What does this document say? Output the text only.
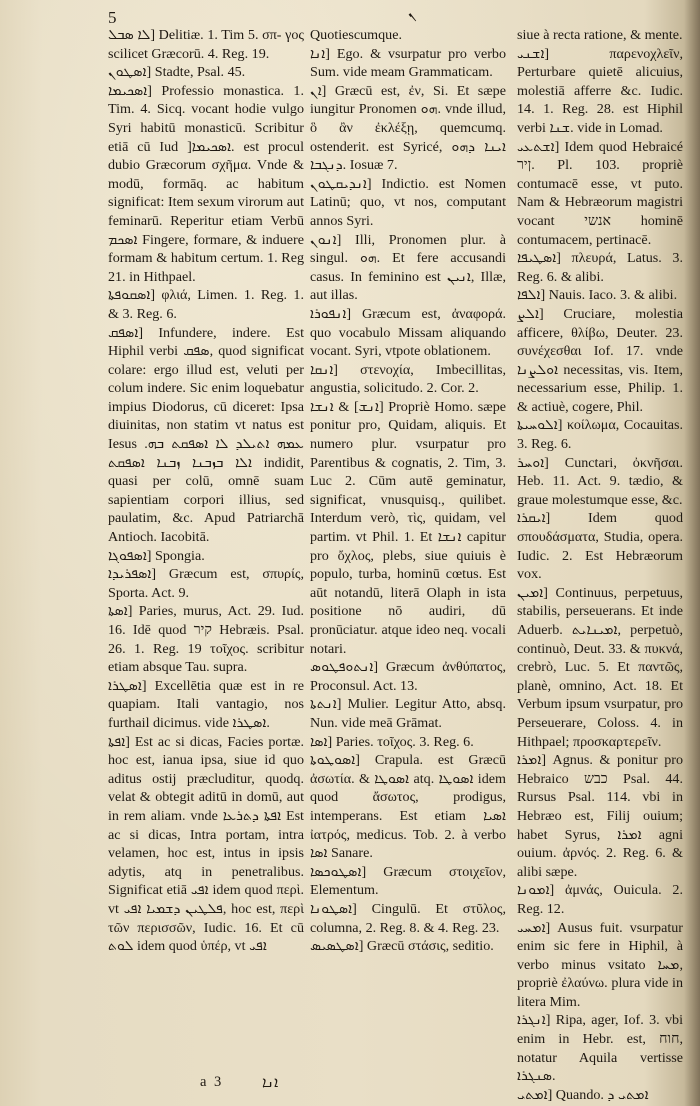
5	ܢ

ܠܐ ܣܒܠ] Delitiæ. 1. Tim 5. σπ- γος scilicet Græcorū. 4. Reg. 19.

ܐܣܛܘܢ] Stadte, Psal. 45.

ܐܣܟܝܡܐ] Professio monastica. 1. Tim. 4. Sicq. vocant hodie vulgo Syri habitū monasticū. Scribitur etiā cū Iud ]ܐܣܟܝܡܐ. est procul dubio Græcorum σχῆμα. Vnde & modū, formāq. ac habitum significat: Item sexum virorum aut feminarū. Reperitur etiam Verbū ܐܣܟܡ Fingere, formare, & induere formam & habitum certum. 1. Reg 21. in Hithpael.

ܐܣܩܘܦܬܐ] φλιά, Limen. 1. Reg. 1. & 3. Reg. 6.

ܐܣܦܩ] Infundere, indere. Est Hiphil verbi ܣܦܩ, quod significat colare: ergo illud est, veluti per colum indere. Sic enim loquebatur impius Diodorus, cū diceret: Ipsa diuinitas, non statim vt natus est Iesus ܥܡܗ ܐܬܝܠܕ ܠܐ ܐܣܦܩܬ ܒܗ. ܐܠܐ ܒܙܒܢܐ ܙܒܢܐ ܐܣܦܩܬ indidit, quasi per colū, omnē suam sapientiam corpori illius, sed paulatim, &c. Apud Patriarchā Antioch. Iacobitā.

ܐܣܦܘܓܐ] Spongia.

ܐܣܦܪܝܕܐ] Græcum est, σπυρίς, Sporta. Act. 9.

ܐܣܬܐ] Paries, murus, Act. 29. Iud. 16. Idē quod קיר Hebræis. Psal. 26. 1. Reg. 19 τοῖχος. scribitur etiam absque Tau. supra.

ܐܣܛܪܐ] Excellētia quæ est in re quapiam. Itali vantagio, nos furthail dicimus. vide ܐܣܛܪܐ.

ܐܦܬܐ] Est ac si dicas, Facies portæ. hoc est, ianua ipsa, siue id quo aditus ostij præcluditur, quodq. velat & obtegit aditū in domū, aut in rem aliam. vnde ܐܦܬܐ ܕܬܪܥܐ Est ac si dicas, Intra portam, intra velamen, hoc est, intus in ipsis adytis, atq in penetralibus. Significat etiā ܐܦܝ idem quod περὶ. vt ܦܠܛܝܢ ܕܫܡܝܐ ܐܦܝ, hoc est, περὶ τῶν περισσῶν, Iudic. 16. Et cū ܠܘܬ idem quod ὑπέρ, vt ܐܦܝ

Quotiescumque.

ܐܢܐ] Ego. & vsurpatur pro verbo Sum. vide meam Grammaticam.

ܐܢ] Græcū est, ἐν, Si. Et sæpe iungitur Pronomen ܗܘ. vnde illud, ὃ ἂν ἐκλέξῃ, quemcumq. ostenderit. est Syricé, ܐܝܢܐ ܕܗܘ ܕܢܓܒܐ. Iosuæ 7.

ܐܢܕܝܩܛܘܢ] Indictio. est Nomen Latinū; quo, vt nos, computant annos Syri.

ܐܢܘܢ] Illi, Pronomen plur. à singul. ܗܘ. Et fere accusandi casus. In feminino est ܐܢܝܢ, Illæ, aut illas.

ܐܢܦܘܪܐ] Græcum est, ἀναφορά. quo vocabulo Missam aliquando vocant. Syri, vtpote oblationem.

ܐܢܩܐ] στενοχία, Imbecillitas, angustia, solicitudo. 2. Cor. 2.

ܐܢܫ] & ܐܢܫܐ] Propriè Homo. sæpe ponitur pro, Quidam, aliquis. Et numero plur. vsurpatur pro Parentibus & cognatis, 2. Tim, 3. Luc 2. Cūm autē geminatur, significat, vnusquisq., quilibet. Interdum verò, τὶς, quidam, vel partim. vt Phil. 1. Et ܐܢܫܐ capitur pro ὄχλος, plebs, siue quiuis è populo, turba, hominū cœtus. Est aūt notandū, literā Olaph in ista positione nō audiri, dū pronūciatur. atque ideo neq. vocali notari.

ܐܢܬܘܦܛܘܣ] Græcum ἀνθύπατος, Proconsul. Act. 13.

ܐܢܬܬܐ] Mulier. Legitur Atto, absq. Nun. vide meā Grāmat.

ܐܣܐ] Paries. τοῖχος. 3. Reg. 6.

ܐܣܘܛܘܬܐ] Crapula. est Græcū ἀσωτία. & ܐܣܘܛܐ atq. ܐܣܘܛܐ idem quod ἄσωτος, prodigus, intemperans. Est etiam ܐܣܝܐ ἰατρός, medicus. Tob. 2. à verbo ܐܣܐ Sanare.

ܐܣܛܘܟܣܐ] Græcum στοιχεῖον, Elementum.

ܐܣܛܘܢܐ] Cingulū. Et στῦλος, columna, 2. Reg. 8. & 4. Reg. 23.

ܐܣܛܣܝܣ] Græcū στάσις, seditio.

siue à recta ratione, & mente.

ܐܫܢܝ] παρενοχλεῖν, Perturbare quietē alicuius, molestiā afferre &c. Iudic. 14. 1. Reg. 28. est Hiphil verbi ܫܢܐ. vide in Lomad.

ܐܫܬܥܝ] Idem quod Hebraicé ןיר. Pl. 103. propriè contumacē esse, vt puto. Nam & Hebræorum magistri vocant אנשי hominē contumacem, pertinacē.

ܐܣܛܝܦܐ] πλευρά, Latus. 3. Reg. 6. & alibi.

ܐܠܦܐ] Nauis. Iaco. 3. & alibi.

ܐܠܨ] Cruciare, molestia afficere, θλίβω, Deuter. 23. συνέχεσθαι Iof. 17. vnde ܐܘܠܨܢܐ necessitas, vis. Item, necessarium esse, Philip. 1. & actiuè, cogere, Phil.

ܐܠܘܚܝܬܐ] κοίλωμα, Cocauitas. 3. Reg. 6.

ܐܘܚܪ] Cunctari, ὀκνῆσαι. Heb. 11. Act. 9. tædio, & graue molestumque esse, &c.

ܐܝܩܪܐ] Idem quod σπουδάσματα, Studia, opera. Iudic. 2. Est Hebræorum vox.

ܐܡܝܢ] Continuus, perpetuus, stabilis, perseuerans. Et inde Aduerb. ܐܡܝܢܐܝܬ, perpetuò, continuò, Deut. 33. & πυκνά, crebrò, Luc. 5. Et παντῶς, planè, omnino, Act. 18. Et Verbum ipsum vsurpatur, pro Perseuerare, Coloss. 4. in Hithpael; προσκαρτερεῖν.

ܐܡܪܐ] Agnus. & ponitur pro Hebraico כבש Psal. 44. Rursus Psal. 114. vbi in Hebræo est, Filij ouium; habet Syrus, ܐܡܪܐ agni ouium. ἀρνός. 2. Reg. 6. & alibi sæpe.

ܐܡܘܢܐ] ἀμνάς, Ouicula. 2. Reg. 12.

ܐܡܚܝ] Ausus fuit. vsurpatur enim sic fere in Hiphil, à verbo minus vsitato ܡܚܐ, propriè ἐλαύνω. plura vide in litera Mim.

ܐܢܓܪܐ] Ripa, ager, Iof. 3. vbi enim in Hebr. est, חוח, notatur Aquila vertisse ܣܢܓܪܐ.

ܐܡܬܝ] Quando. ܐܡܬܝ ܕ

a 3	ܐܢܐ
